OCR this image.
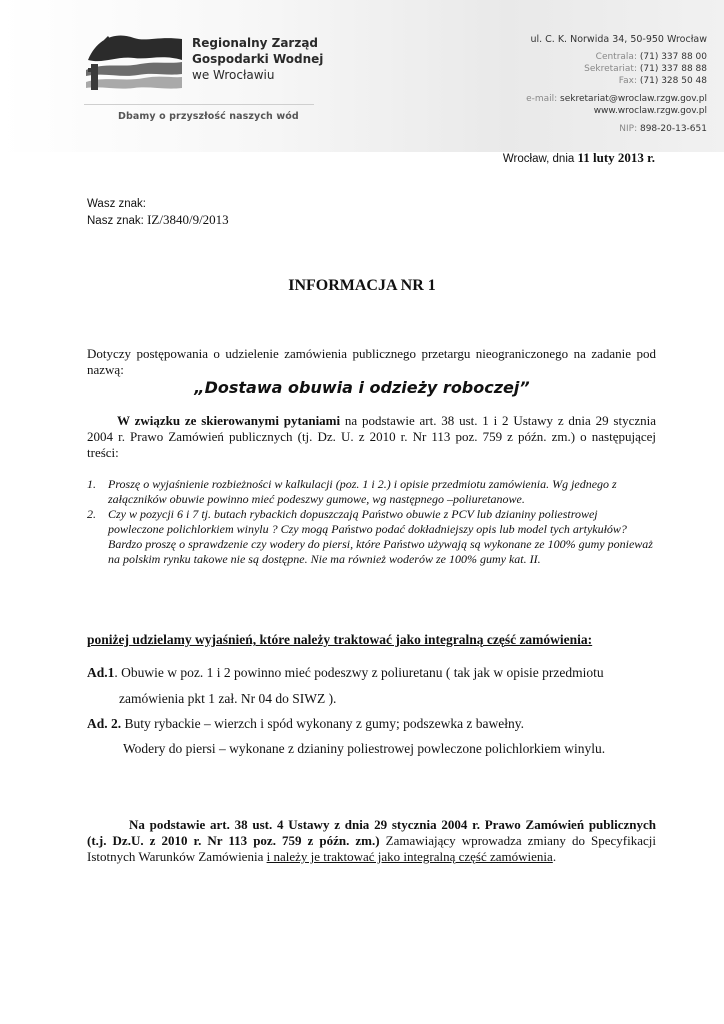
Regionalny Zarząd
Gospodarki Wodnej
we Wrocławiu
Dbamy o przyszłość naszych wód
ul. C. K. Norwida 34, 50-950 Wrocław
Centrala: (71) 337 88 00
Sekretariat: (71) 337 88 88
Fax: (71) 328 50 48
e-mail: sekretariat@wroclaw.rzgw.gov.pl
www.wroclaw.rzgw.gov.pl
NIP: 898-20-13-651
Wrocław, dnia 11 luty 2013 r.
Wasz znak:
Nasz znak: IZ/3840/9/2013
INFORMACJA NR 1
Dotyczy postępowania o udzielenie zamówienia publicznego przetargu nieograniczonego na zadanie pod nazwą:
„Dostawa obuwia i odzieży roboczej”
W związku ze skierowanymi pytaniami na podstawie art. 38 ust. 1 i 2 Ustawy z dnia 29 stycznia 2004 r. Prawo Zamówień publicznych (tj. Dz. U. z 2010 r. Nr 113 poz. 759 z późn. zm.) o następującej treści:
1. Proszę o wyjaśnienie rozbieżności w kalkulacji (poz. 1 i 2.) i opisie przedmiotu zamówienia. Wg jednego z załączników obuwie powinno mieć podeszwy gumowe, wg następnego –poliuretanowe.
2. Czy w pozycji 6 i 7 tj. butach rybackich dopuszczają Państwo obuwie z PCV lub dzianiny poliestrowej powleczone polichlorkiem winylu ? Czy mogą Państwo podać dokładniejszy opis lub model tych artykułów? Bardzo proszę o sprawdzenie czy wodery do piersi, które Państwo używają są wykonane ze 100% gumy ponieważ na polskim rynku takowe nie są dostępne. Nie ma również woderów ze 100% gumy kat. II.
poniżej udzielamy wyjaśnień, które należy traktować jako integralną część zamówienia:
Ad.1. Obuwie w poz. 1 i 2 powinno mieć podeszwy z poliuretanu ( tak jak w opisie przedmiotu
zamówienia pkt 1 zał. Nr 04 do SIWZ ).
Ad. 2. Buty rybackie – wierzch i spód wykonany z gumy; podszewka z bawełny.
Wodery do piersi – wykonane z dzianiny poliestrowej powleczone polichlorkiem winylu.
Na podstawie art. 38 ust. 4 Ustawy z dnia 29 stycznia 2004 r. Prawo Zamówień publicznych (t.j. Dz.U. z 2010 r. Nr 113 poz. 759 z późn. zm.) Zamawiający wprowadza zmiany do Specyfikacji Istotnych Warunków Zamówienia i należy je traktować jako integralną część zamówienia.
